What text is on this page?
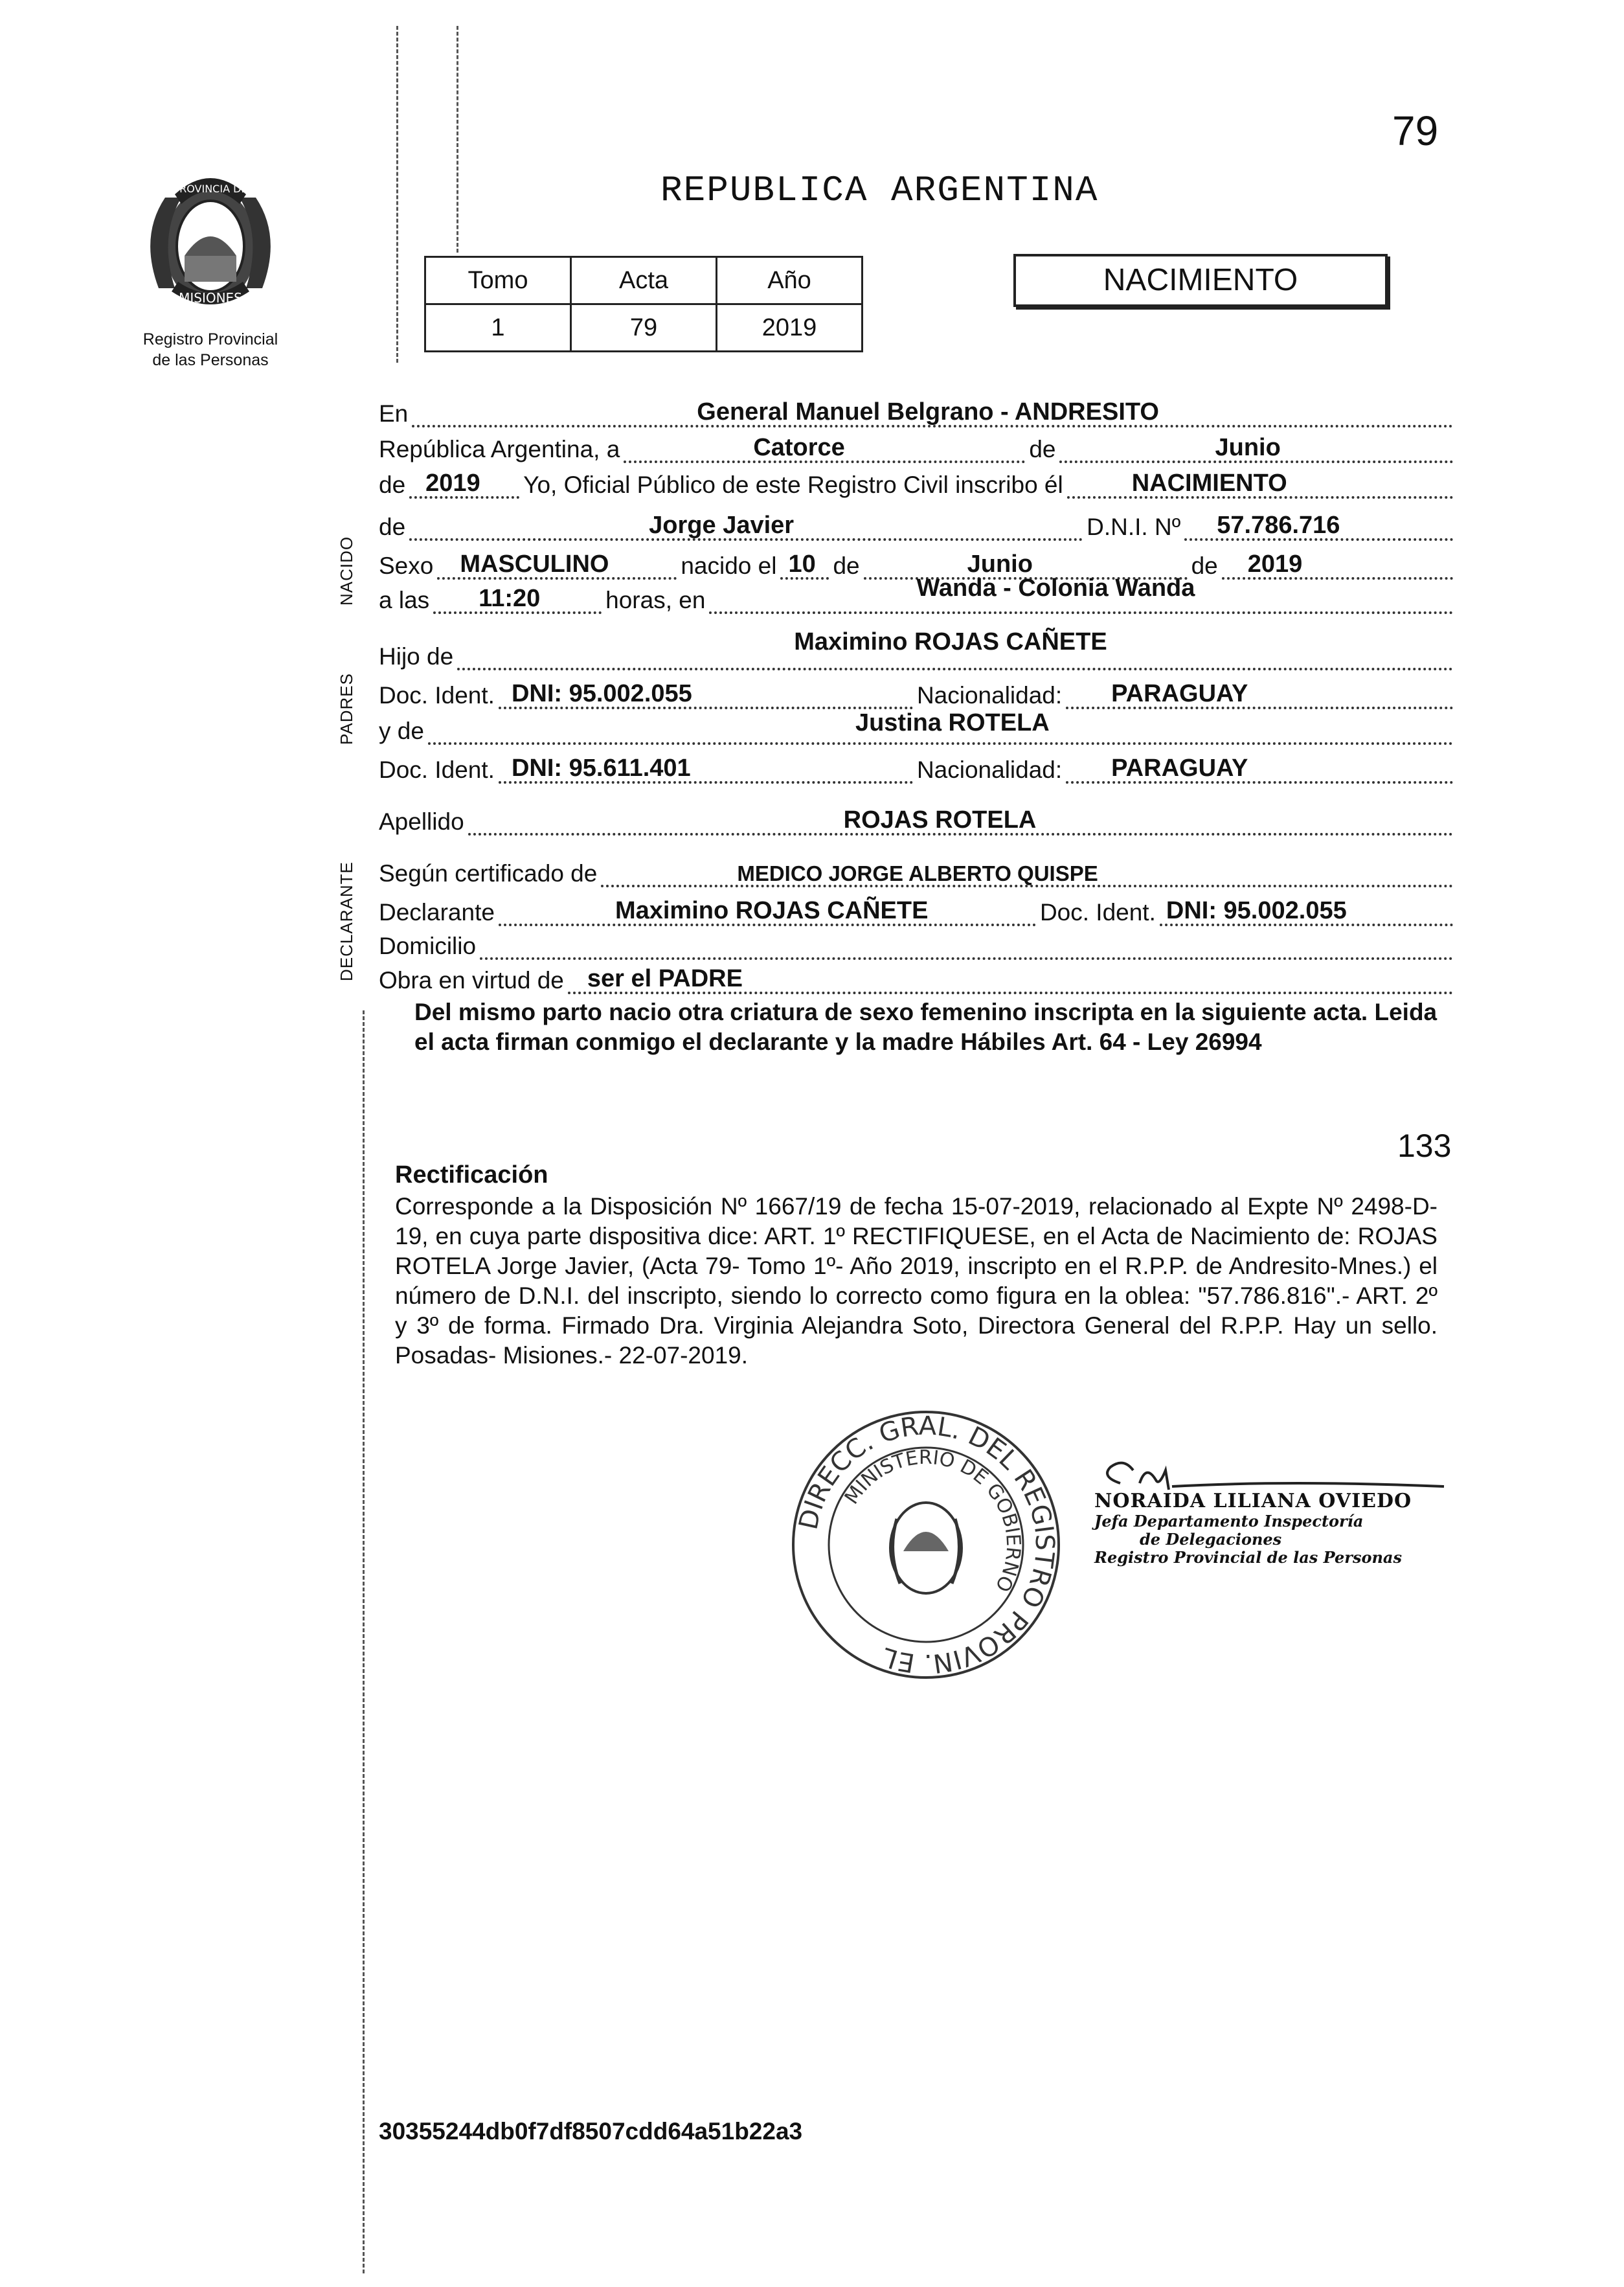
79
PROVINCIA DE
MISIONES
Registro Provincial
de las Personas
REPUBLICA ARGENTINA
Tomo	Acta	Año
1	79	2019
NACIMIENTO
NACIDO
PADRES
DECLARANTE
En	General Manuel Belgrano - ANDRESITO
República Argentina, a	Catorce	de	Junio
de 2019 Yo, Oficial Público de este Registro Civil inscribo él	NACIMIENTO
de	Jorge Javier	D.N.I. Nº 57.786.716
Sexo MASCULINO	nacido el 10 de	Junio	de 2019
a las 11:20	horas, en	Wanda - Colonia Wanda
Hijo de
Maximino ROJAS CAÑETE
Doc. Ident. DNI: 95.002.055	Nacionalidad: PARAGUAY
y de	Justina ROTELA
Doc. Ident. DNI: 95.611.401	Nacionalidad: PARAGUAY
Apellido	ROJAS ROTELA
Según certificado de	MEDICO JORGE ALBERTO QUISPE
Declarante	Maximino ROJAS CAÑETE	Doc. Ident. DNI: 95.002.055
Domicilio
Obra en virtud de ser el PADRE
Del mismo parto nacio otra criatura de sexo femenino inscripta en la siguiente acta. Leida el acta firman conmigo el declarante y la madre Hábiles Art. 64 - Ley 26994
133
Rectificación
Corresponde a la Disposición Nº 1667/19 de fecha 15-07-2019, relacionado al Expte Nº 2498-D-19, en cuya parte dispositiva dice: ART. 1º RECTIFIQUESE, en el Acta de Nacimiento de: ROJAS ROTELA Jorge Javier, (Acta 79- Tomo 1º- Año 2019, inscripto en el R.P.P. de Andresito-Mnes.) el número de D.N.I. del inscripto, siendo lo correcto como figura en la oblea: "57.786.816".- ART. 2º y 3º de forma. Firmado Dra. Virginia Alejandra Soto, Directora General del R.P.P. Hay un sello. Posadas- Misiones.- 22-07-2019.
DIRECC. GRAL. DEL REGISTRO PROVIN. EL
MINISTERIO DE GOBIERNO
NORAIDA LILIANA OVIEDO
Jefa Departamento Inspectoría
de Delegaciones
Registro Provincial de las Personas
30355244db0f7df8507cdd64a51b22a3
